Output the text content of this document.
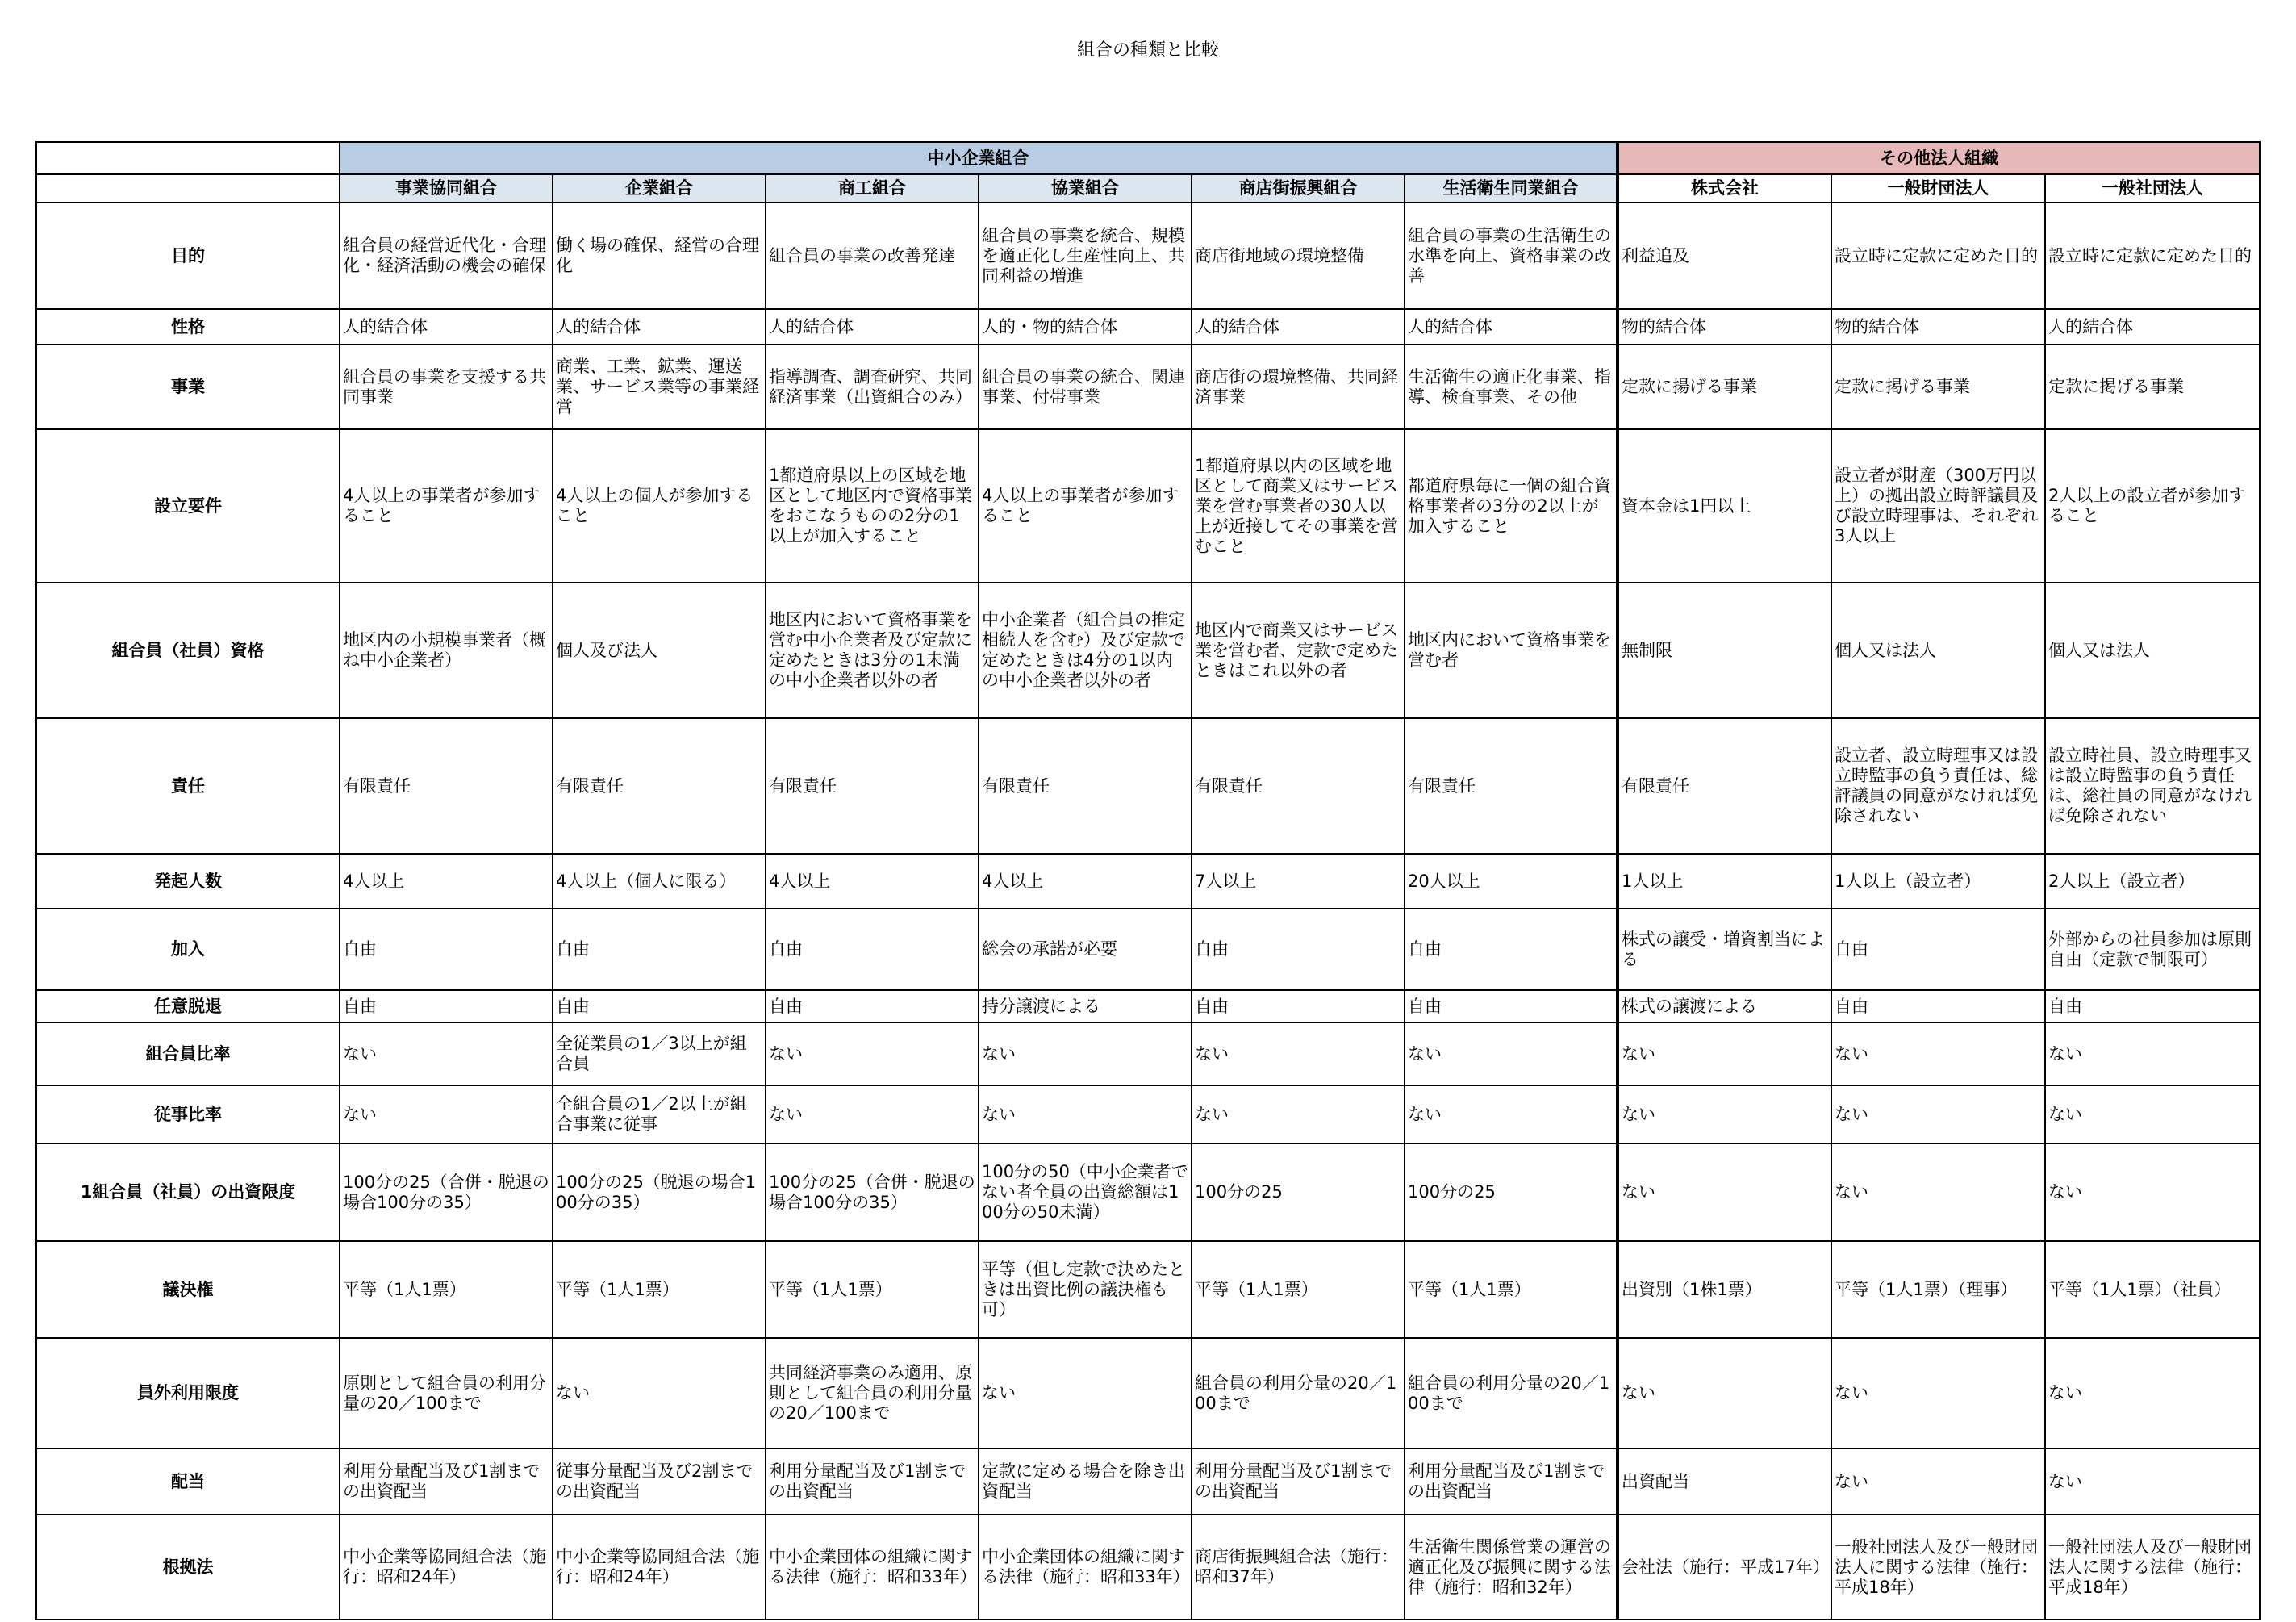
組合の種類と比較
	中小企業組合						その他法人組織		
	事業協同組合	企業組合	商工組合	協業組合	商店街振興組合	生活衛生同業組合	株式会社	一般財団法人	一般社団法人
目的	組合員の経営近代化・合理化・経済活動の機会の確保	働く場の確保、経営の合理化	組合員の事業の改善発達	組合員の事業を統合、規模を適正化し生産性向上、共同利益の増進	商店街地域の環境整備	組合員の事業の生活衛生の水準を向上、資格事業の改善	利益追及	設立時に定款に定めた目的	設立時に定款に定めた目的
性格	人的結合体	人的結合体	人的結合体	人的・物的結合体	人的結合体	人的結合体	物的結合体	物的結合体	人的結合体
事業	組合員の事業を支援する共同事業	商業、工業、鉱業、運送業、サービス業等の事業経営	指導調査、調査研究、共同経済事業（出資組合のみ）	組合員の事業の統合、関連事業、付帯事業	商店街の環境整備、共同経済事業	生活衛生の適正化事業、指導、検査事業、その他	定款に揚げる事業	定款に掲げる事業	定款に掲げる事業
設立要件	4人以上の事業者が参加すること	4人以上の個人が参加すること	1都道府県以上の区域を地区として地区内で資格事業をおこなうものの2分の1以上が加入すること	4人以上の事業者が参加すること	1都道府県以内の区域を地区として商業又はサービス業を営む事業者の30人以上が近接してその事業を営むこと	都道府県毎に一個の組合資格事業者の3分の2以上が加入すること	資本金は1円以上	設立者が財産（300万円以上）の拠出設立時評議員及び設立時理事は、それぞれ3人以上	2人以上の設立者が参加すること
組合員（社員）資格	地区内の小規模事業者（概ね中小企業者）	個人及び法人	地区内において資格事業を営む中小企業者及び定款に定めたときは3分の1未満の中小企業者以外の者	中小企業者（組合員の推定相続人を含む）及び定款で定めたときは4分の1以内の中小企業者以外の者	地区内で商業又はサービス業を営む者、定款で定めたときはこれ以外の者	地区内において資格事業を営む者	無制限	個人又は法人	個人又は法人
責任	有限責任	有限責任	有限責任	有限責任	有限責任	有限責任	有限責任	設立者、設立時理事又は設立時監事の負う責任は、総評議員の同意がなければ免除されない	設立時社員、設立時理事又は設立時監事の負う責任は、総社員の同意がなければ免除されない
発起人数	4人以上	4人以上（個人に限る）	4人以上	4人以上	7人以上	20人以上	1人以上	1人以上（設立者）	2人以上（設立者）
加入	自由	自由	自由	総会の承諾が必要	自由	自由	株式の譲受・増資割当による	自由	外部からの社員参加は原則自由（定款で制限可）
任意脱退	自由	自由	自由	持分譲渡による	自由	自由	株式の譲渡による	自由	自由
組合員比率	ない	全従業員の1／3以上が組合員	ない	ない	ない	ない	ない	ない	ない
従事比率	ない	全組合員の1／2以上が組合事業に従事	ない	ない	ない	ない	ない	ない	ない
1組合員（社員）の出資限度	100分の25（合併・脱退の場合100分の35）	100分の25（脱退の場合100分の35）	100分の25（合併・脱退の場合100分の35）	100分の50（中小企業者でない者全員の出資総額は100分の50未満）	100分の25	100分の25	ない	ない	ない
議決権	平等（1人1票）	平等（1人1票）	平等（1人1票）	平等（但し定款で決めたときは出資比例の議決権も可）	平等（1人1票）	平等（1人1票）	出資別（1株1票）	平等（1人1票）（理事）	平等（1人1票）（社員）
員外利用限度	原則として組合員の利用分量の20／100まで	ない	共同経済事業のみ適用、原則として組合員の利用分量の20／100まで	ない	組合員の利用分量の20／100まで	組合員の利用分量の20／100まで	ない	ない	ない
配当	利用分量配当及び1割までの出資配当	従事分量配当及び2割までの出資配当	利用分量配当及び1割までの出資配当	定款に定める場合を除き出資配当	利用分量配当及び1割までの出資配当	利用分量配当及び1割までの出資配当	出資配当	ない	ない
根拠法	中小企業等協同組合法（施行：昭和24年）	中小企業等協同組合法（施行：昭和24年）	中小企業団体の組織に関する法律（施行：昭和33年）	中小企業団体の組織に関する法律（施行：昭和33年）	商店街振興組合法（施行：昭和37年）	生活衛生関係営業の運営の適正化及び振興に関する法律（施行：昭和32年）	会社法（施行：平成17年）	一般社団法人及び一般財団法人に関する法律（施行：平成18年）	一般社団法人及び一般財団法人に関する法律（施行：平成18年）
